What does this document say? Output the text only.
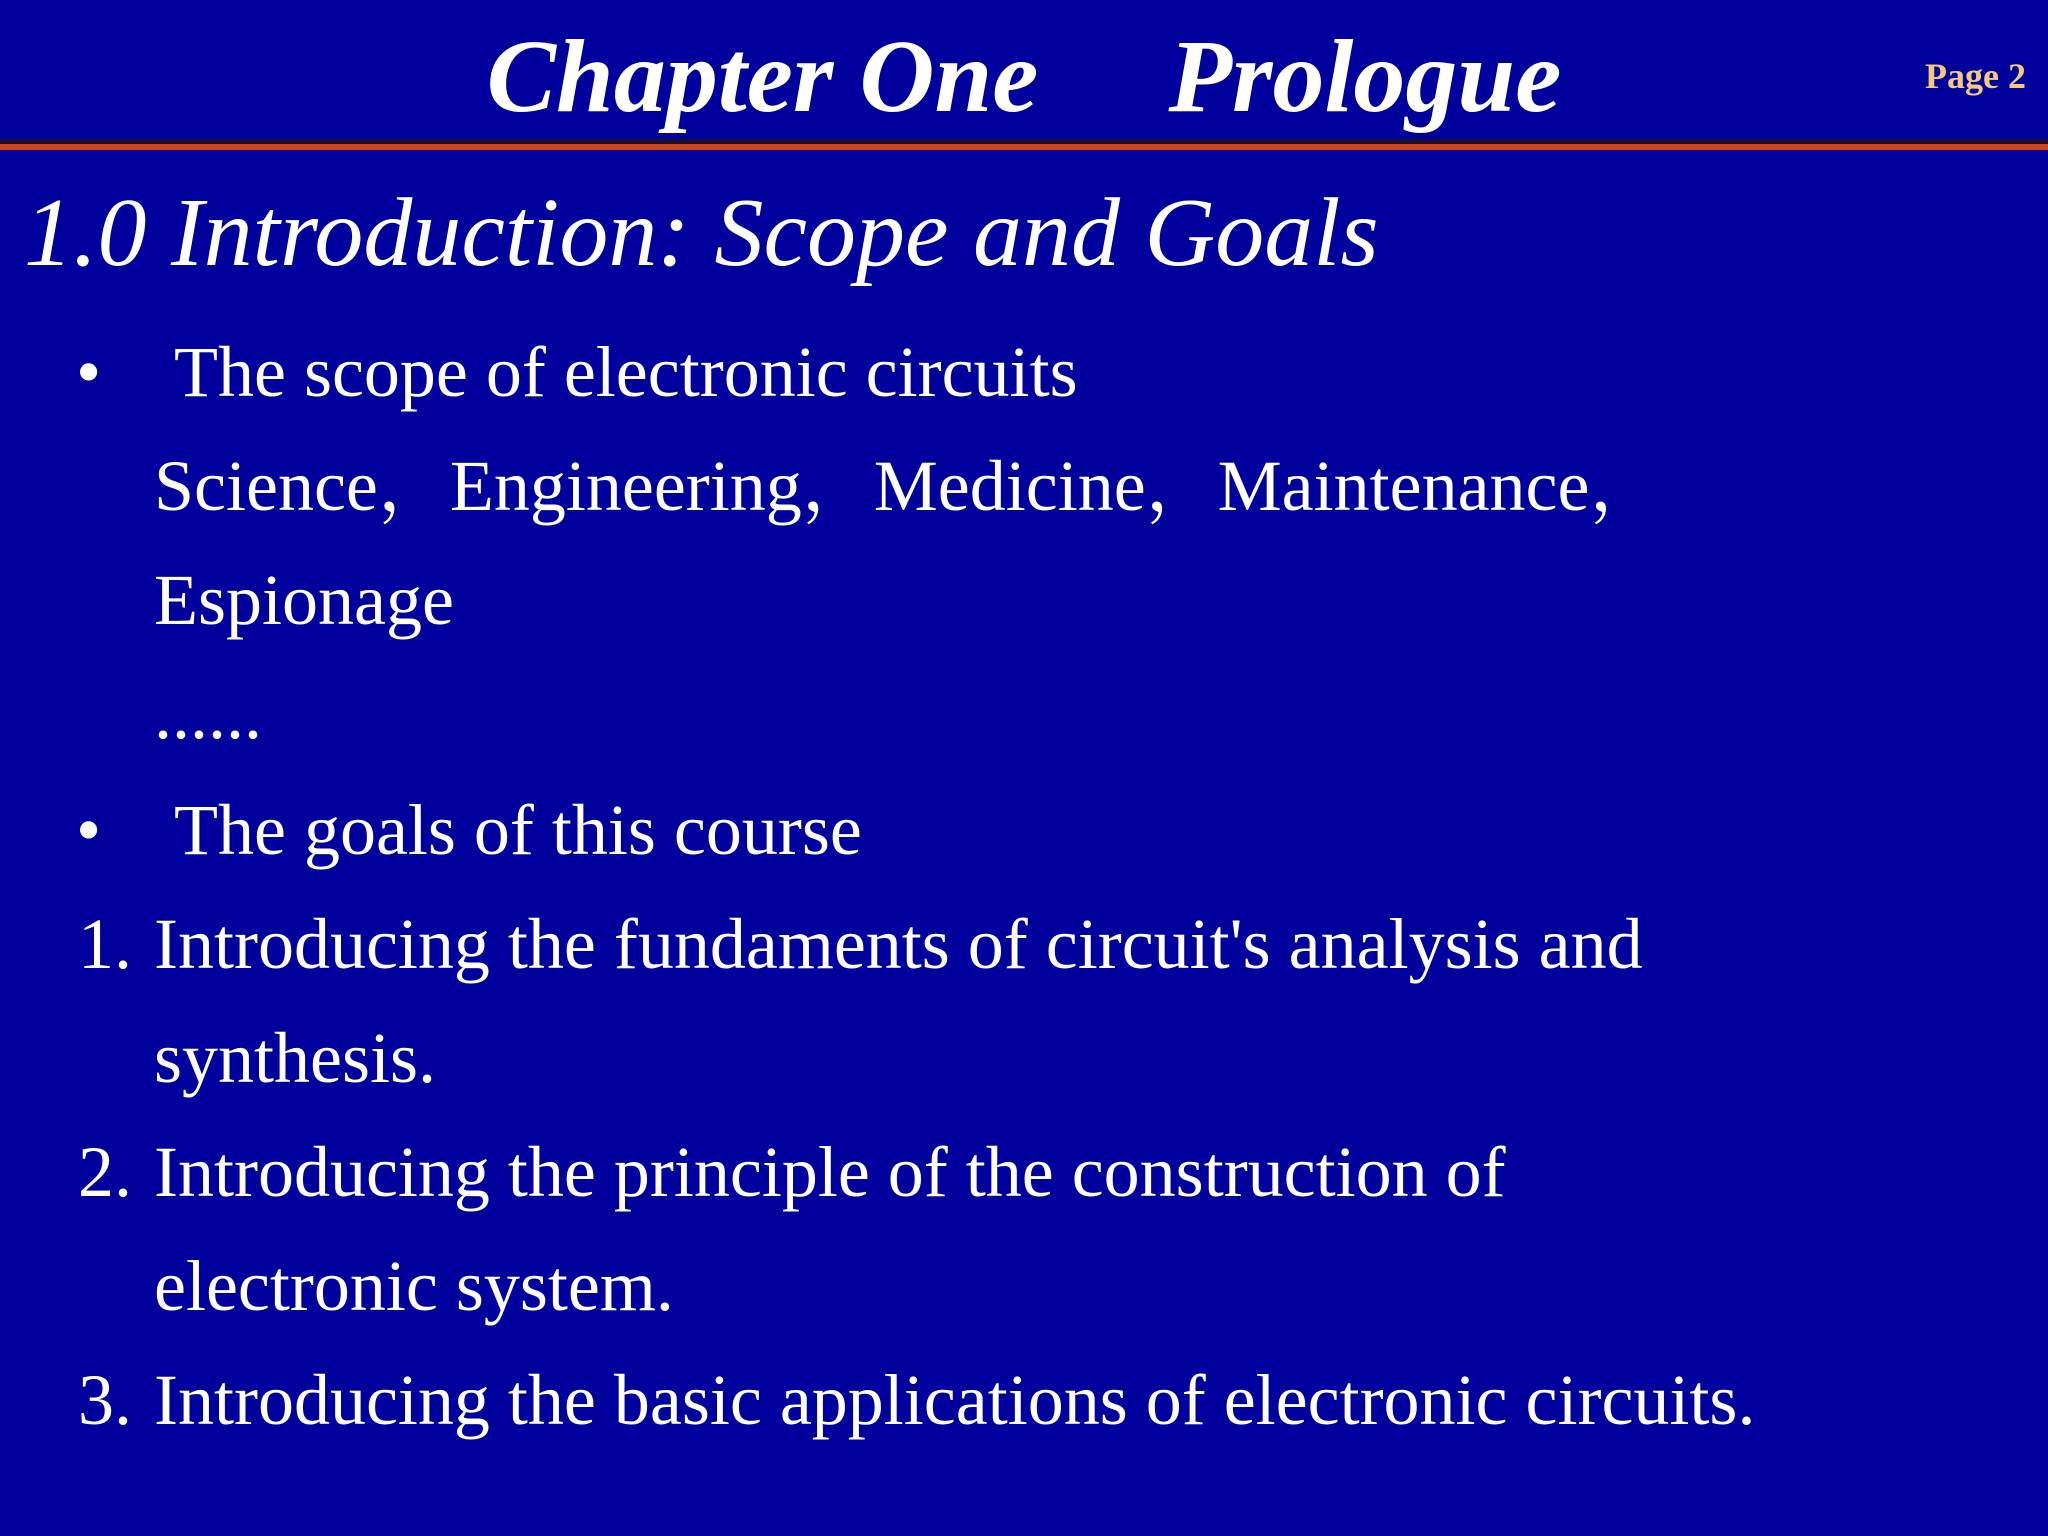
Chapter One     Prologue	Page 2
1.0 Introduction: Scope and Goals
• The scope of electronic circuits
Science，Engineering，Medicine，Maintenance，
Espionage
......
• The goals of this course
1. Introducing the fundaments of circuit's analysis and
synthesis.
2. Introducing the principle of the construction of
electronic system.
3. Introducing the basic applications of electronic circuits.
